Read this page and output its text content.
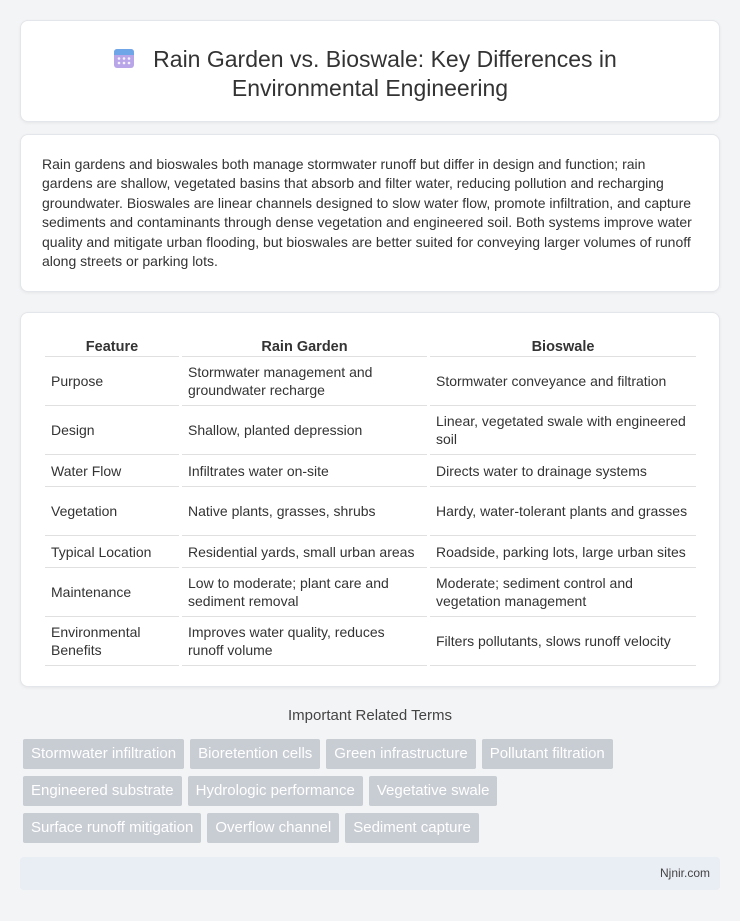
Rain Garden vs. Bioswale: Key Differences in
Environmental Engineering

Rain gardens and bioswales both manage stormwater runoff but differ in design and function; rain gardens are shallow, vegetated basins that absorb and filter water, reducing pollution and recharging groundwater. Bioswales are linear channels designed to slow water flow, promote infiltration, and capture sediments and contaminants through dense vegetation and engineered soil. Both systems improve water quality and mitigate urban flooding, but bioswales are better suited for conveying larger volumes of runoff along streets or parking lots.

Feature	Rain Garden	Bioswale
Purpose	Stormwater management and groundwater recharge	Stormwater conveyance and filtration
Design	Shallow, planted depression	Linear, vegetated swale with engineered soil
Water Flow	Infiltrates water on-site	Directs water to drainage systems
Vegetation	Native plants, grasses, shrubs	Hardy, water-tolerant plants and grasses
Typical Location	Residential yards, small urban areas	Roadside, parking lots, large urban sites
Maintenance	Low to moderate; plant care and sediment removal	Moderate; sediment control and vegetation management
Environmental Benefits	Improves water quality, reduces runoff volume	Filters pollutants, slows runoff velocity
Important Related Terms
Stormwater infiltration	Bioretention cells	Green infrastructure	Pollutant filtration
Engineered substrate	Hydrologic performance	Vegetative swale
Surface runoff mitigation	Overflow channel	Sediment capture
Njnir.com
